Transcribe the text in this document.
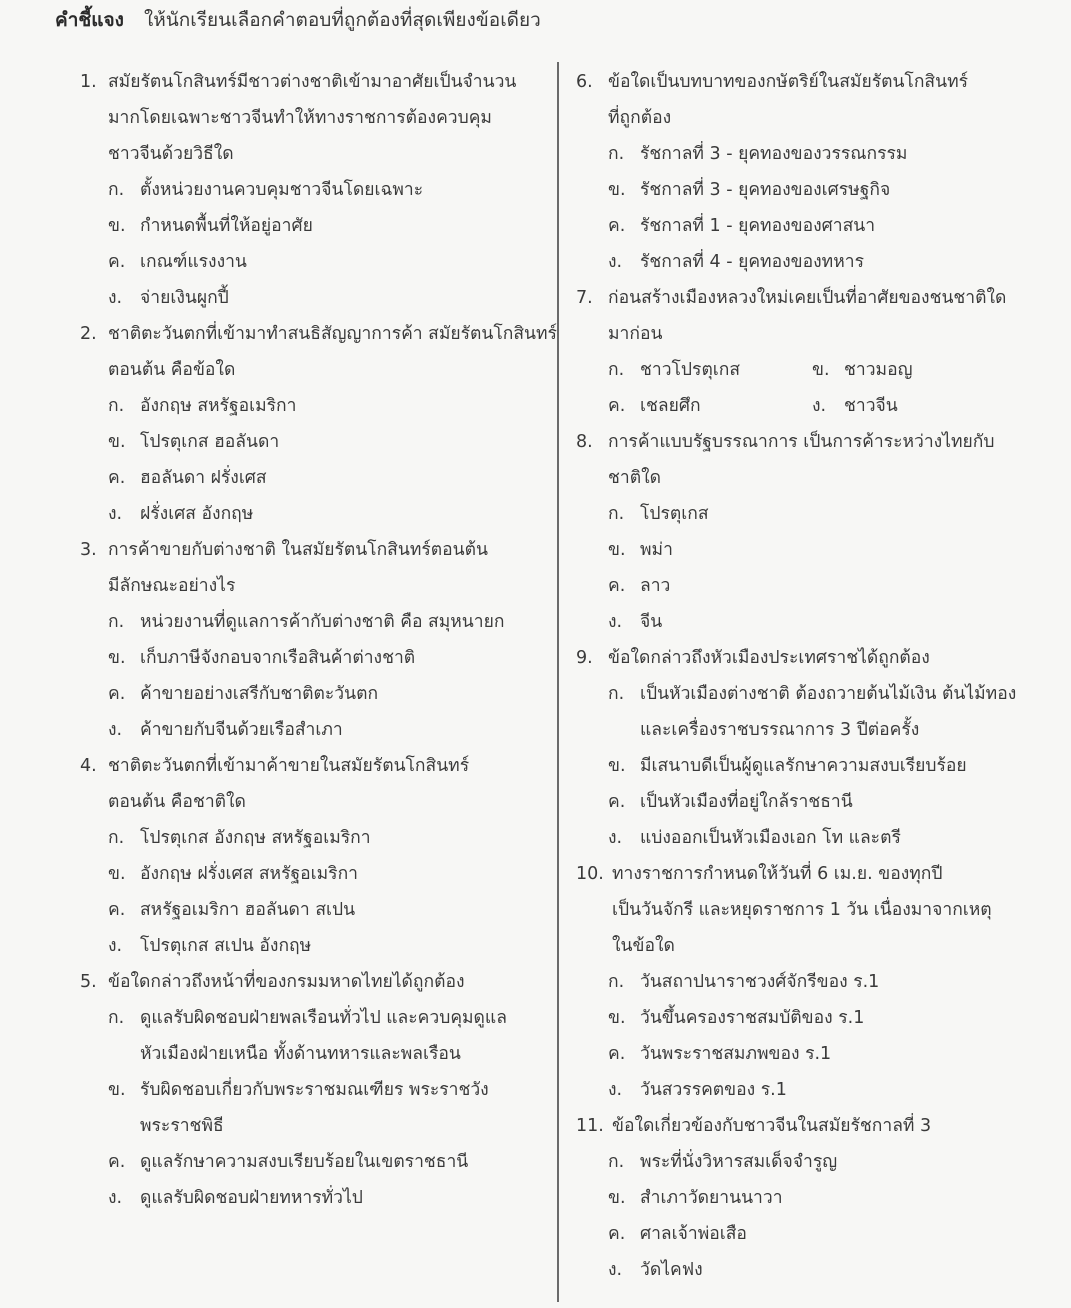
คำชี้แจง ให้นักเรียนเลือกคำตอบที่ถูกต้องที่สุดเพียงข้อเดียว
1. สมัยรัตนโกสินทร์มีชาวต่างชาติเข้ามาอาศัยเป็นจำนวน
มากโดยเฉพาะชาวจีนทำให้ทางราชการต้องควบคุม
ชาวจีนด้วยวิธีใด
ก. ตั้งหน่วยงานควบคุมชาวจีนโดยเฉพาะ
ข. กำหนดพื้นที่ให้อยู่อาศัย
ค. เกณฑ์แรงงาน
ง. จ่ายเงินผูกปี้
2. ชาติตะวันตกที่เข้ามาทำสนธิสัญญาการค้า สมัยรัตนโกสินทร์
ตอนต้น คือข้อใด
ก. อังกฤษ สหรัฐอเมริกา
ข. โปรตุเกส ฮอลันดา
ค. ฮอลันดา ฝรั่งเศส
ง. ฝรั่งเศส อังกฤษ
3. การค้าขายกับต่างชาติ ในสมัยรัตนโกสินทร์ตอนต้น
มีลักษณะอย่างไร
ก. หน่วยงานที่ดูแลการค้ากับต่างชาติ คือ สมุหนายก
ข. เก็บภาษีจังกอบจากเรือสินค้าต่างชาติ
ค. ค้าขายอย่างเสรีกับชาติตะวันตก
ง. ค้าขายกับจีนด้วยเรือสำเภา
4. ชาติตะวันตกที่เข้ามาค้าขายในสมัยรัตนโกสินทร์
ตอนต้น คือชาติใด
ก. โปรตุเกส อังกฤษ สหรัฐอเมริกา
ข. อังกฤษ ฝรั่งเศส สหรัฐอเมริกา
ค. สหรัฐอเมริกา ฮอลันดา สเปน
ง. โปรตุเกส สเปน อังกฤษ
5. ข้อใดกล่าวถึงหน้าที่ของกรมมหาดไทยได้ถูกต้อง
ก. ดูแลรับผิดชอบฝ่ายพลเรือนทั่วไป และควบคุมดูแล
หัวเมืองฝ่ายเหนือ ทั้งด้านทหารและพลเรือน
ข. รับผิดชอบเกี่ยวกับพระราชมณเฑียร พระราชวัง
พระราชพิธี
ค. ดูแลรักษาความสงบเรียบร้อยในเขตราชธานี
ง. ดูแลรับผิดชอบฝ่ายทหารทั่วไป
6. ข้อใดเป็นบทบาทของกษัตริย์ในสมัยรัตนโกสินทร์
ที่ถูกต้อง
ก. รัชกาลที่ 3 - ยุคทองของวรรณกรรม
ข. รัชกาลที่ 3 - ยุคทองของเศรษฐกิจ
ค. รัชกาลที่ 1 - ยุคทองของศาสนา
ง. รัชกาลที่ 4 - ยุคทองของทหาร
7. ก่อนสร้างเมืองหลวงใหม่เคยเป็นที่อาศัยของชนชาติใด
มาก่อน
ก. ชาวโปรตุเกส	ข. ชาวมอญ
ค. เชลยศึก	ง. ชาวจีน
8. การค้าแบบรัฐบรรณาการ เป็นการค้าระหว่างไทยกับ
ชาติใด
ก. โปรตุเกส
ข. พม่า
ค. ลาว
ง. จีน
9. ข้อใดกล่าวถึงหัวเมืองประเทศราชได้ถูกต้อง
ก. เป็นหัวเมืองต่างชาติ ต้องถวายต้นไม้เงิน ต้นไม้ทอง
และเครื่องราชบรรณาการ 3 ปีต่อครั้ง
ข. มีเสนาบดีเป็นผู้ดูแลรักษาความสงบเรียบร้อย
ค. เป็นหัวเมืองที่อยู่ใกล้ราชธานี
ง. แบ่งออกเป็นหัวเมืองเอก โท และตรี
10. ทางราชการกำหนดให้วันที่ 6 เม.ย. ของทุกปี
เป็นวันจักรี และหยุดราชการ 1 วัน เนื่องมาจากเหตุ
ในข้อใด
ก. วันสถาปนาราชวงศ์จักรีของ ร.1
ข. วันขึ้นครองราชสมบัติของ ร.1
ค. วันพระราชสมภพของ ร.1
ง. วันสวรรคตของ ร.1
11. ข้อใดเกี่ยวข้องกับชาวจีนในสมัยรัชกาลที่ 3
ก. พระที่นั่งวิหารสมเด็จจำรูญ
ข. สำเภาวัดยานนาวา
ค. ศาลเจ้าพ่อเสือ
ง. วัดไคฟง
